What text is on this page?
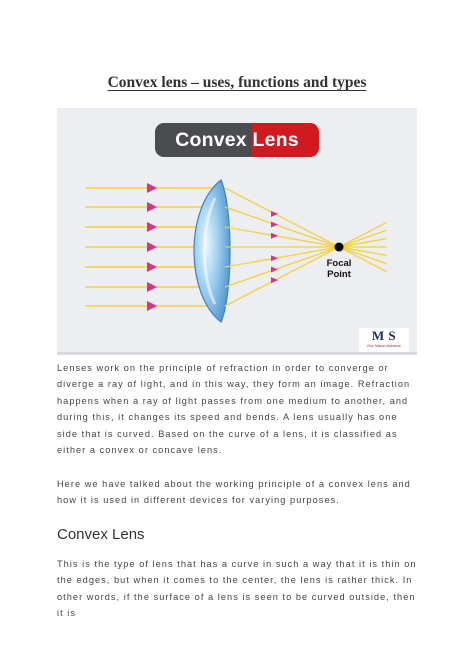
Convex lens – uses, functions and types
Convex Lens
Focal
Point
M S
Our Vision Achieve

Lenses work on the principle of refraction in order to converge or diverge a ray of light, and in this way, they form an image. Refraction happens when a ray of light passes from one medium to another, and during this, it changes its speed and bends. A lens usually has one side that is curved. Based on the curve of a lens, it is classified as either a convex or concave lens.

Here we have talked about the working principle of a convex lens and how it is used in different devices for varying purposes.

Convex Lens

This is the type of lens that has a curve in such a way that it is thin on the edges, but when it comes to the center, the lens is rather thick. In other words, if the surface of a lens is seen to be curved outside, then it is
